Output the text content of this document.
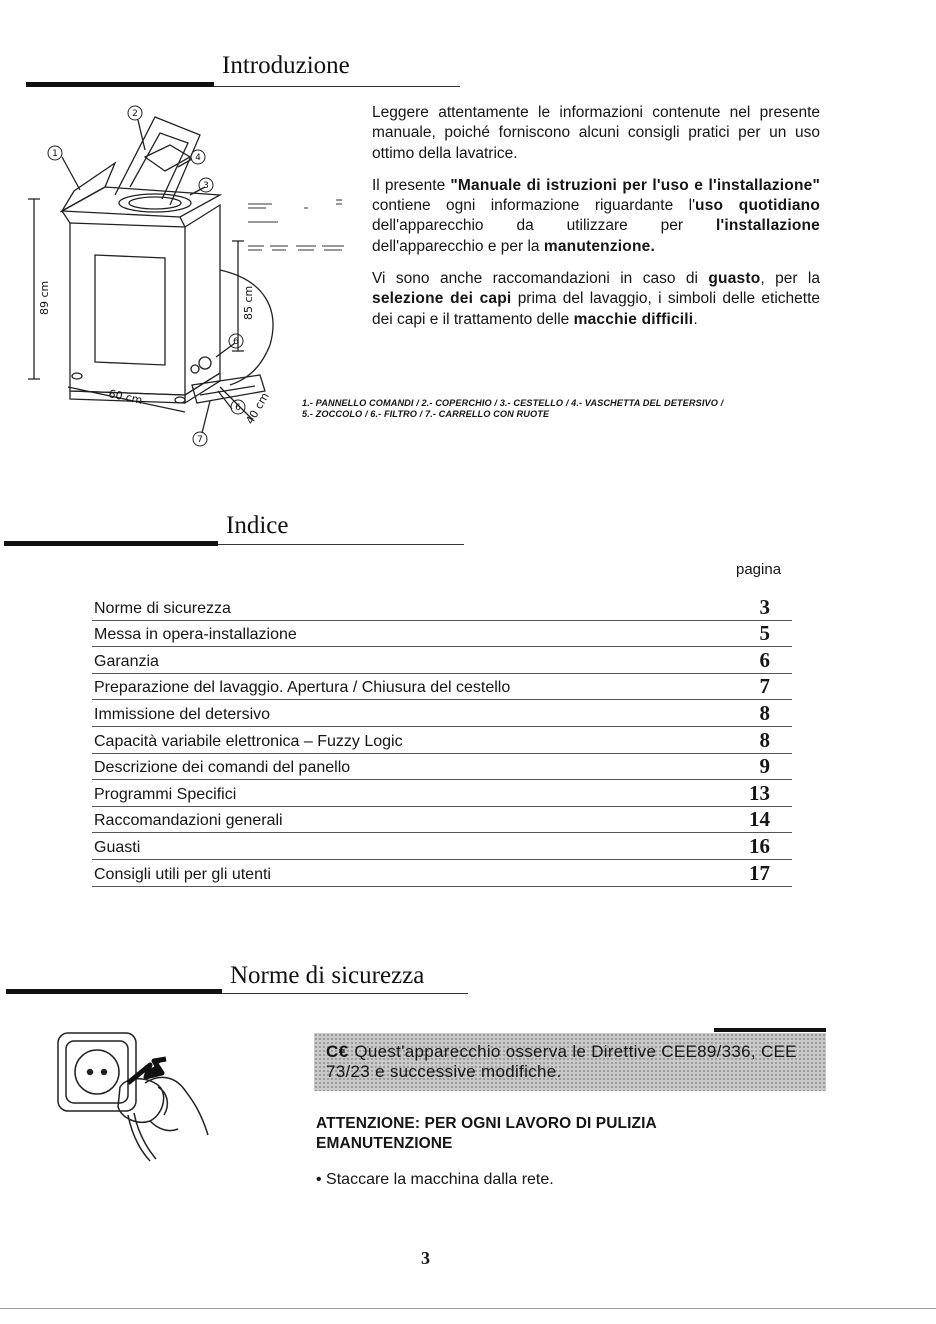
Introduzione
2
1	4
3
6
6
7
89 cm	85 cm
60 cm	40 cm

Leggere attentamente le informazioni contenute nel presente manuale, poiché forniscono alcuni consigli pratici per un uso ottimo della lavatrice.

Il presente "Manuale di istruzioni per l'uso e l'installazione" contiene ogni informazione riguardante l'uso quotidiano dell'apparecchio da utilizzare per l'installazione dell'apparecchio e per la manutenzione.

Vi sono anche raccomandazioni in caso di guasto, per la selezione dei capi prima del lavaggio, i simboli delle etichette dei capi e il trattamento delle macchie difficili.

1.- PANNELLO COMANDI / 2.- COPERCHIO / 3.- CESTELLO / 4.- VASCHETTA DEL DETERSIVO /
5.- ZOCCOLO / 6.- FILTRO / 7.- CARRELLO CON RUOTE
Indice
pagina
Norme di sicurezza	3
Messa in opera-installazione	5
Garanzia	6
Preparazione del lavaggio. Apertura / Chiusura del cestello	7
Immissione del detersivo	8
Capacità variabile elettronica – Fuzzy Logic	8
Descrizione dei comandi del panello	9
Programmi Specifici	13
Raccomandazioni generali	14
Guasti	16
Consigli utili per gli utenti	17
Norme di sicurezza
C€ Quest'apparecchio osserva le Direttive CEE89/336, CEE 73/23 e successive modifiche.
ATTENZIONE: PER OGNI LAVORO DI PULIZIA EMANUTENZIONE
• Staccare la macchina dalla rete.
3
